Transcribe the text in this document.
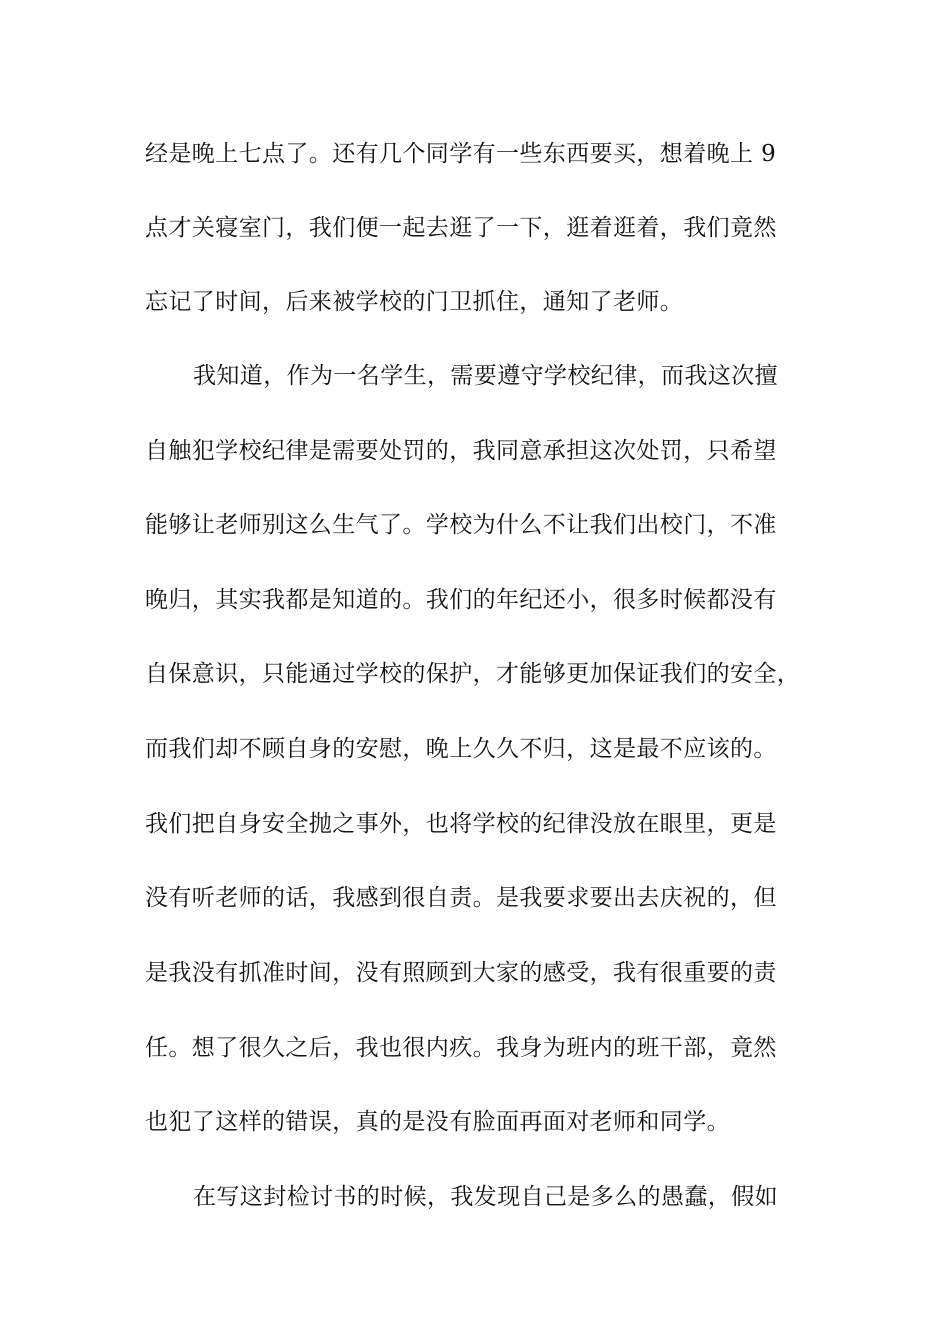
经是晚上七点了。还有几个同学有一些东西要买，想着晚上 9
点才关寝室门，我们便一起去逛了一下，逛着逛着，我们竟然
忘记了时间，后来被学校的门卫抓住，通知了老师。
我知道，作为一名学生，需要遵守学校纪律，而我这次擅
自触犯学校纪律是需要处罚的，我同意承担这次处罚，只希望
能够让老师别这么生气了。学校为什么不让我们出校门，不准
晚归，其实我都是知道的。我们的年纪还小，很多时候都没有
自保意识，只能通过学校的保护，才能够更加保证我们的安全，
而我们却不顾自身的安慰，晚上久久不归，这是最不应该的。
我们把自身安全抛之事外，也将学校的纪律没放在眼里，更是
没有听老师的话，我感到很自责。是我要求要出去庆祝的，但
是我没有抓准时间，没有照顾到大家的感受，我有很重要的责
任。想了很久之后，我也很内疚。我身为班内的班干部，竟然
也犯了这样的错误，真的是没有脸面再面对老师和同学。
在写这封检讨书的时候，我发现自己是多么的愚蠢，假如
